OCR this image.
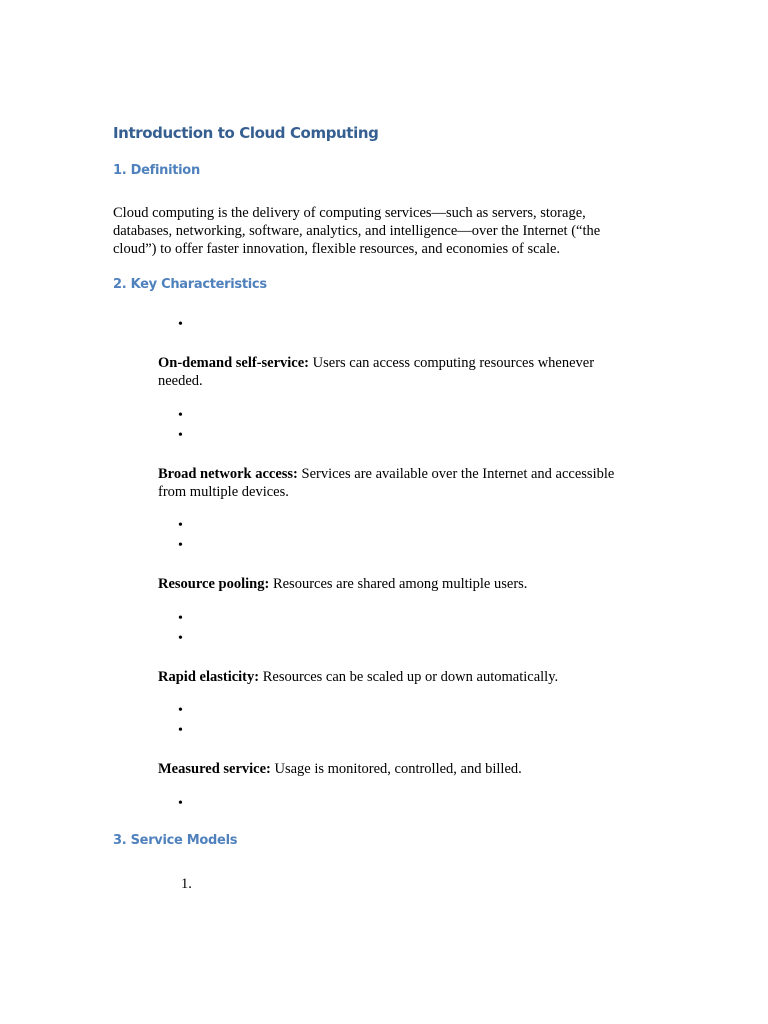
Introduction to Cloud Computing
1. Definition

Cloud computing is the delivery of computing services—such as servers, storage, databases, networking, software, analytics, and intelligence—over the Internet (“the cloud”) to offer faster innovation, flexible resources, and economies of scale.

2. Key Characteristics
•

On-demand self-service: Users can access computing resources whenever needed.

•
•

Broad network access: Services are available over the Internet and accessible from multiple devices.

•
•

Resource pooling: Resources are shared among multiple users.

•
•

Rapid elasticity: Resources can be scaled up or down automatically.

•
•

Measured service: Usage is monitored, controlled, and billed.

•
3. Service Models
1.
